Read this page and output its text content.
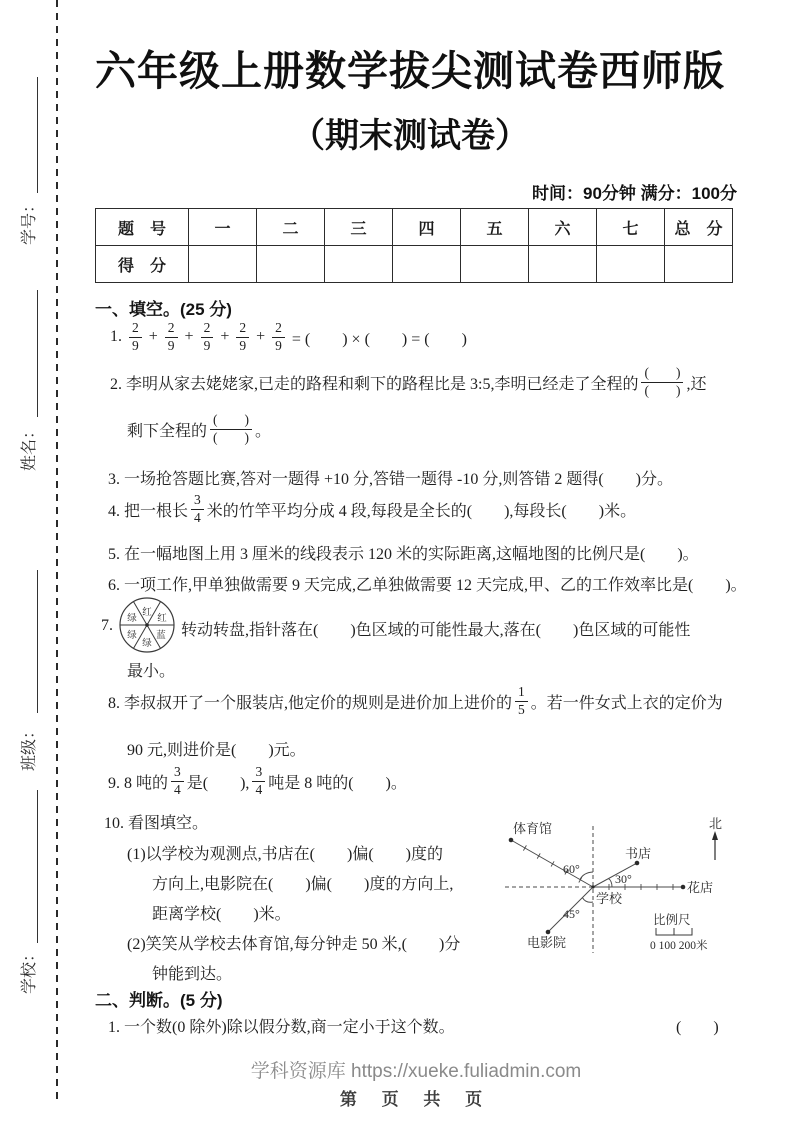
学号：
姓名：
班级：
学校：
六年级上册数学拔尖测试卷西师版
（期末测试卷）
时间：90分钟 满分：100分
题　号	一	二	三	四	五	六	七	总　分
得　分								
一、填空。(25 分)
1. $\frac{2}{9} + \frac{2}{9} + \frac{2}{9} + \frac{2}{9} + \frac{2}{9}$ = (　　) × (　　) = (　　)
2. 李明从家去姥姥家,已走的路程和剩下的路程比是 3:5,李明已经走了全程的 $\frac{( )}{( )}$ ,还
剩下全程的 $\frac{( )}{( )}$ 。
3. 一场抢答题比赛,答对一题得 +10 分,答错一题得 -10 分,则答错 2 题得(　　)分。
4. 把一根长 $\frac{3}{4}$ 米的竹竿平均分成 4 段,每段是全长的(　　),每段长(　　)米。
5. 在一幅地图上用 3 厘米的线段表示 120 米的实际距离,这幅地图的比例尺是(　　)。
6. 一项工作,甲单独做需要 9 天完成,乙单独做需要 12 天完成,甲、乙的工作效率比是(　　)。
7.
红
红
蓝
绿
绿
绿
转动转盘,指针落在(　　)色区域的可能性最大,落在(　　)色区域的可能性
最小。
8. 李叔叔开了一个服装店,他定价的规则是进价加上进价的 $\frac{1}{5}$ 。若一件女式上衣的定价为
90 元,则进价是(　　)元。
9. 8 吨的 $\frac{3}{4}$ 是(　　), $\frac{3}{4}$ 吨是 8 吨的(　　)。
10. 看图填空。
(1)以学校为观测点,书店在(　　)偏(　　)度的
方向上,电影院在(　　)偏(　　)度的方向上,
距离学校(　　)米。
(2)笑笑从学校去体育馆,每分钟走 50 米,(　　)分
钟能到达。
体育馆
书店
花店
电影院
学校
60°
30°
45°
北
比例尺
0 100 200米
二、判断。(5 分)
1. 一个数(0 除外)除以假分数,商一定小于这个数。	(　　)
学科资源库 https://xueke.fuliadmin.com
第 页 共 页
